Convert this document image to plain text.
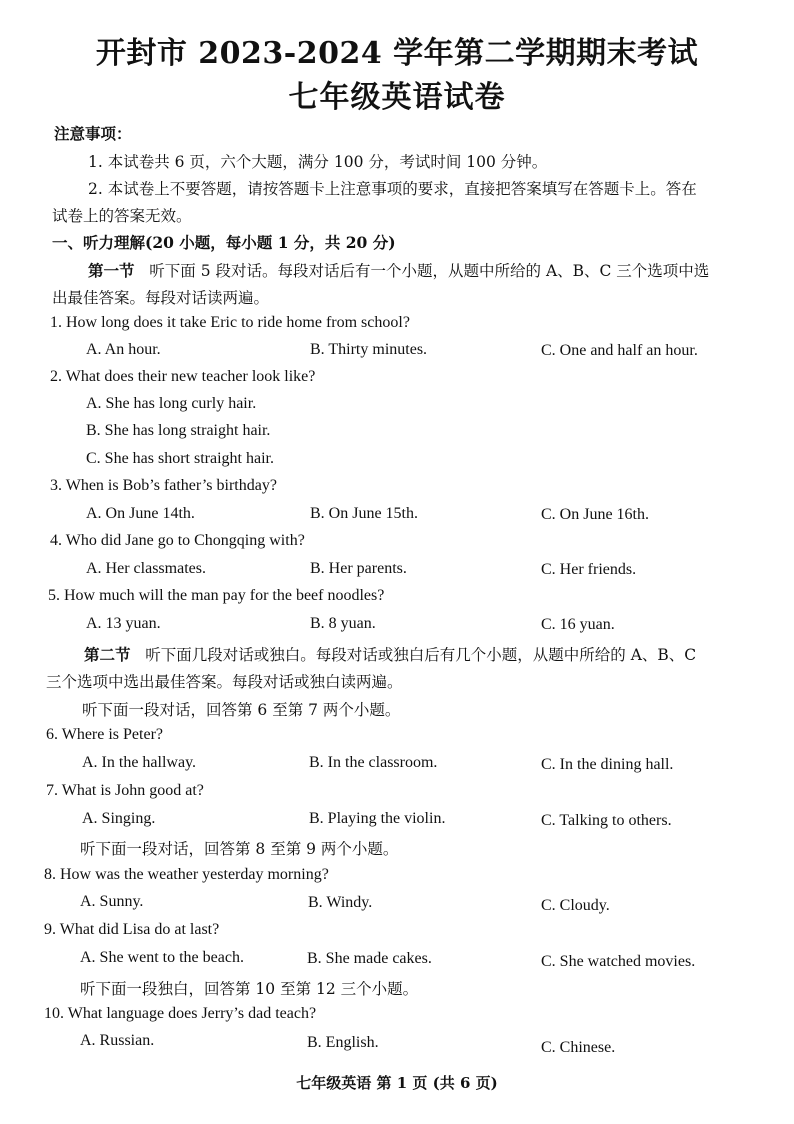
开封市 2023-2024 学年第二学期期末考试
七年级英语试卷
注意事项：
1. 本试卷共 6 页，六个大题，满分 100 分，考试时间 100 分钟。
2. 本试卷上不要答题，请按答题卡上注意事项的要求，直接把答案填写在答题卡上。答在
试卷上的答案无效。
一、听力理解(20 小题，每小题 1 分，共 20 分)
第一节 听下面 5 段对话。每段对话后有一个小题，从题中所给的 A、B、C 三个选项中选
出最佳答案。每段对话读两遍。
1. How long does it take Eric to ride home from school?
A. An hour.	B. Thirty minutes.	C. One and half an hour.
2. What does their new teacher look like?
A. She has long curly hair.
B. She has long straight hair.
C. She has short straight hair.
3. When is Bob’s father’s birthday?
A. On June 14th.	B. On June 15th.	C. On June 16th.
4. Who did Jane go to Chongqing with?
A. Her classmates.	B. Her parents.	C. Her friends.
5. How much will the man pay for the beef noodles?
A. 13 yuan.	B. 8 yuan.	C. 16 yuan.
第二节 听下面几段对话或独白。每段对话或独白后有几个小题，从题中所给的 A、B、C
三个选项中选出最佳答案。每段对话或独白读两遍。
听下面一段对话，回答第 6 至第 7 两个小题。
6. Where is Peter?
A. In the hallway.	B. In the classroom.	C. In the dining hall.
7. What is John good at?
A. Singing.	B. Playing the violin.	C. Talking to others.
听下面一段对话，回答第 8 至第 9 两个小题。
8. How was the weather yesterday morning?
A. Sunny.	B. Windy.	C. Cloudy.
9. What did Lisa do at last?
A. She went to the beach.	B. She made cakes.	C. She watched movies.
听下面一段独白，回答第 10 至第 12 三个小题。
10. What language does Jerry’s dad teach?
A. Russian.	B. English.	C. Chinese.
七年级英语 第 1 页 (共 6 页)
